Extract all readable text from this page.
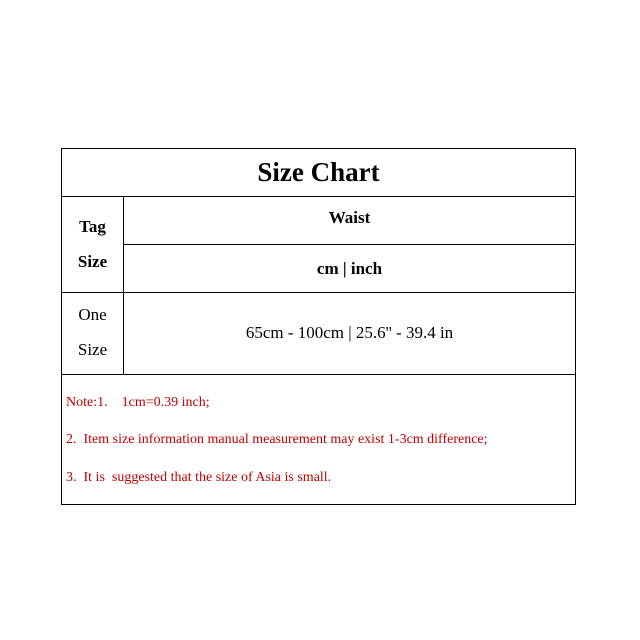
Size Chart
Tag
Size
Waist
cm | inch
One
Size
65cm - 100cm | 25.6'' - 39.4 in
Note:1.    1cm=0.39 inch;
2.  Item size information manual measurement may exist 1-3cm difference;
3.  It is  suggested that the size of Asia is small.
